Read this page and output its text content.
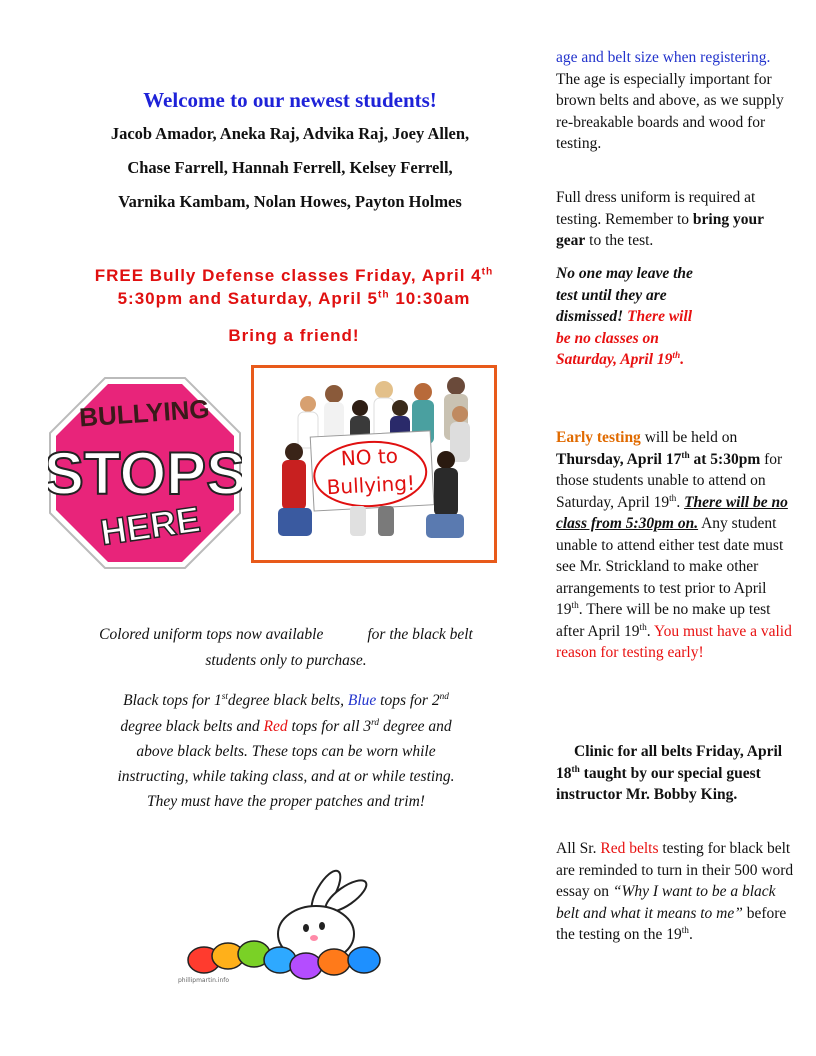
Welcome to our newest students!
Jacob Amador, Aneka Raj, Advika Raj, Joey Allen,
Chase Farrell, Hannah Ferrell, Kelsey Ferrell,
Varnika Kambam, Nolan Howes, Payton Holmes
FREE Bully Defense classes Friday, April 4th
5:30pm and Saturday, April 5th 10:30am
Bring a friend!
BULLYING
STOPS
HERE
NO to
Bullying!
Colored uniform tops now available	for the black belt
students only to purchase.
Black tops for 1stdegree black belts, Blue tops for 2nd
degree black belts and Red tops for all 3rd degree and
above black belts. These tops can be worn while
instructing, while taking class, and at or while testing.
They must have the proper patches and trim!
phillipmartin.info

age and belt size when registering. The age is especially important for brown belts and above, as we supply re-breakable boards and wood for testing.

Full dress uniform is required at testing. Remember to bring your gear to the test.

No one may leave the test until they are dismissed! There will be no classes on Saturday, April 19th.

Early testing will be held on Thursday, April 17th at 5:30pm for those students unable to attend on Saturday, April 19th. There will be no class from 5:30pm on. Any student unable to attend either test date must see Mr. Strickland to make other arrangements to test prior to April 19th. There will be no make up test after April 19th. You must have a valid reason for testing early!

Clinic for all belts Friday, April 18th taught by our special guest instructor Mr. Bobby King.

All Sr. Red belts testing for black belt are reminded to turn in their 500 word essay on “Why I want to be a black belt and what it means to me” before the testing on the 19th.
